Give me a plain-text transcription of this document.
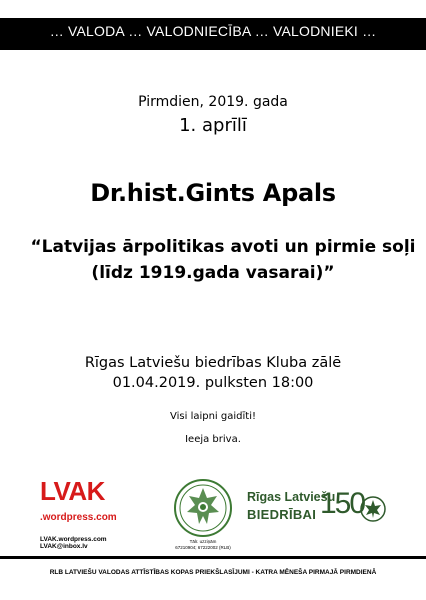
… VALODA … VALODNIECĪBA … VALODNIEKI …
Pirmdien, 2019. gada
1. aprīlī
Dr.hist.Gints Apals
“Latvijas ārpolitikas avoti un pirmie soļi
(līdz 1919.gada vasarai)”
Rīgas Latviešu biedrības Kluba zālē
01.04.2019. pulksten 18:00
Visi laipni gaidīti!
Ieeja briva.
LVAK
.wordpress.com
LVAK.wordpress.com
LVAK@inbox.lv
Tālr. uzziņām
67210904; 67222002 (RLB)
Rīgas Latviešu
BIEDRĪBAI 150
RLB LATVIEŠU VALODAS ATTĪSTĪBAS KOPAS PRIEKŠLASĪJUMI - KATRA MĒNEŠA PIRMAJĀ PIRMDIENĀ
